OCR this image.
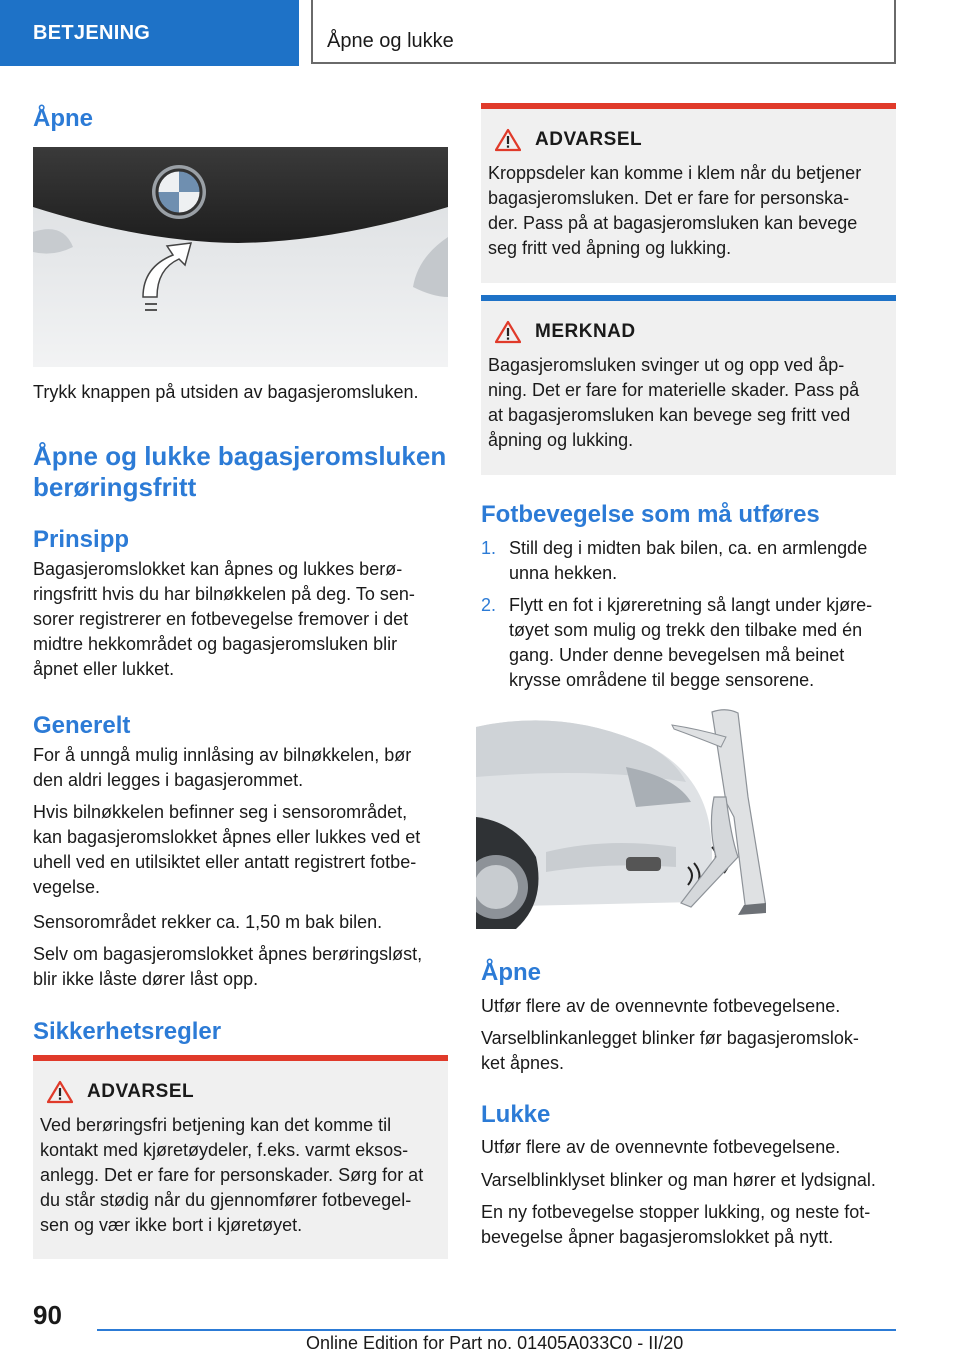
BETJENING	Åpne og lukke
Åpne

Trykk knappen på utsiden av bagasjeromsluken.

Åpne og lukke bagasjeromsluken
berøringsfritt
Prinsipp

Bagasjeromslokket kan åpnes og lukkes berø-

ringsfritt hvis du har bilnøkkelen på deg. To sen-

sorer registrerer en fotbevegelse fremover i det

midtre hekkområdet og bagasjeromsluken blir

åpnet eller lukket.

Generelt

For å unngå mulig innlåsing av bilnøkkelen, bør

den aldri legges i bagasjerommet.

Hvis bilnøkkelen befinner seg i sensorområdet,

kan bagasjeromslokket åpnes eller lukkes ved et

uhell ved en utilsiktet eller antatt registrert fotbe-

vegelse.

Sensorområdet rekker ca. 1,50 m bak bilen.

Selv om bagasjeromslokket åpnes berøringsløst,

blir ikke låste dører låst opp.

Sikkerhetsregler
ADVARSEL

Ved berøringsfri betjening kan det komme til

kontakt med kjøretøydeler, f.eks. varmt eksos-

anlegg. Det er fare for personskader. Sørg for at

du står stødig når du gjennomfører fotbevegel-

sen og vær ikke bort i kjøretøyet.

ADVARSEL

Kroppsdeler kan komme i klem når du betjener

bagasjeromsluken. Det er fare for personska-

der. Pass på at bagasjeromsluken kan bevege

seg fritt ved åpning og lukking.

MERKNAD

Bagasjeromsluken svinger ut og opp ved åp-

ning. Det er fare for materielle skader. Pass på

at bagasjeromsluken kan bevege seg fritt ved

åpning og lukking.

Fotbevegelse som må utføres
1. Still deg i midten bak bilen, ca. en armlengde
unna hekken.
2. Flytt en fot i kjøreretning så langt under kjøre-
tøyet som mulig og trekk den tilbake med én
gang. Under denne bevegelsen må beinet
krysse områdene til begge sensorene.
Åpne

Utfør flere av de ovennevnte fotbevegelsene.

Varselblinkanlegget blinker før bagasjeromslok-

ket åpnes.

Lukke

Utfør flere av de ovennevnte fotbevegelsene.

Varselblinklyset blinker og man hører et lydsignal.

En ny fotbevegelse stopper lukking, og neste fot-

bevegelse åpner bagasjeromslokket på nytt.

90
Online Edition for Part no. 01405A033C0 - II/20
